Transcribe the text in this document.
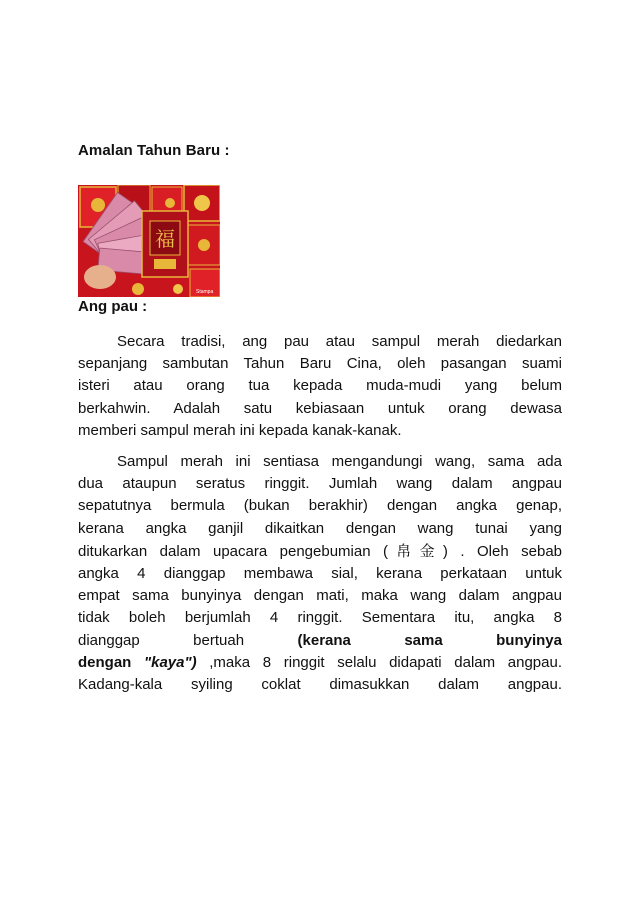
Amalan Tahun Baru :
福
Stampa
Ang pau :
Secara tradisi, ang pau atau sampul merah diedarkan
sepanjang sambutan Tahun Baru Cina, oleh pasangan suami
isteri atau orang tua kepada muda-mudi yang belum
berkahwin. Adalah satu kebiasaan untuk orang dewasa
memberi sampul merah ini kepada kanak-kanak.
Sampul merah ini sentiasa mengandungi wang, sama ada
dua ataupun seratus ringgit. Jumlah wang dalam angpau
sepatutnya bermula (bukan berakhir) dengan angka genap,
kerana angka ganjil dikaitkan dengan wang tunai yang
ditukarkan dalam upacara pengebumian (帛金) . Oleh sebab
angka 4 dianggap membawa sial, kerana perkataan untuk
empat sama bunyinya dengan mati, maka wang dalam angpau
tidak boleh berjumlah 4 ringgit. Sementara itu, angka 8
dianggap bertuah	(kerana sama bunyinya
dengan "kaya") ,maka 8 ringgit selalu didapati dalam angpau.
Kadang-kala syiling coklat dimasukkan dalam angpau.
